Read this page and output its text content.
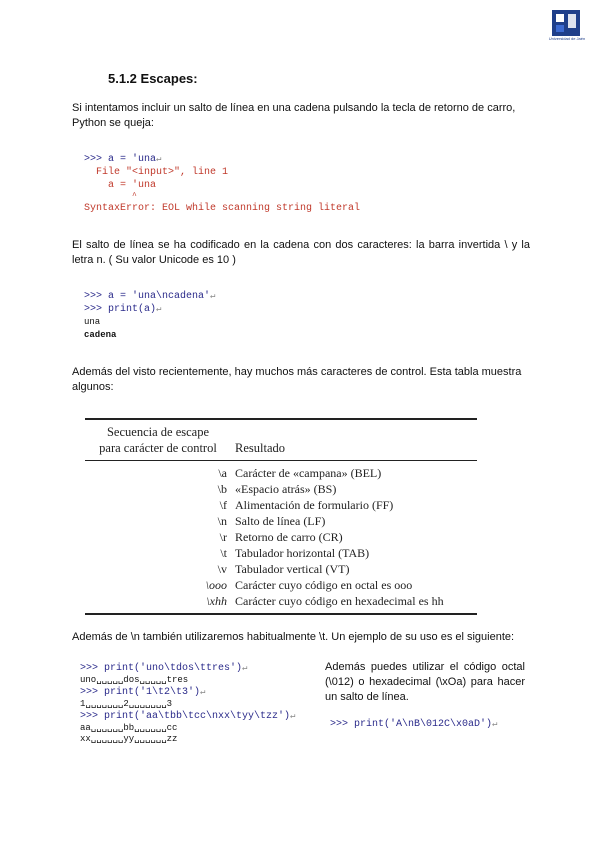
Universidad de Jaén
5.1.2 Escapes:
Si intentamos incluir un salto de línea en una cadena pulsando la tecla de retorno de carro, Python se queja:
>>> a = 'una↵
File "<input>", line 1
a = 'una
^
SyntaxError: EOL while scanning string literal
El salto de línea se ha codificado en la cadena con dos caracteres: la barra invertida \ y la letra n. ( Su valor Unicode es 10 )
>>> a = 'una\ncadena'↵
>>> print(a)↵
una
cadena
Además del visto recientemente, hay muchos más caracteres de control. Esta tabla muestra algunos:
Secuencia de escape
para carácter de control	Resultado
\a	Carácter de «campana» (BEL)
\b	«Espacio atrás» (BS)
\f	Alimentación de formulario (FF)
\n	Salto de línea (LF)
\r	Retorno de carro (CR)
\t	Tabulador horizontal (TAB)
\v	Tabulador vertical (VT)
\ooo	Carácter cuyo código en octal es ooo
\xhh	Carácter cuyo código en hexadecimal es hh
Además de \n también utilizaremos habitualmente \t. Un ejemplo de su uso es el siguiente:
>>> print('uno\tdos\ttres')↵
uno␣␣␣␣␣dos␣␣␣␣␣tres
>>> print('1\t2\t3')↵
1␣␣␣␣␣␣␣2␣␣␣␣␣␣␣3
>>> print('aa\tbb\tcc\nxx\tyy\tzz')↵
aa␣␣␣␣␣␣bb␣␣␣␣␣␣cc
xx␣␣␣␣␣␣yy␣␣␣␣␣␣zz
Además puedes utilizar el código octal (\012) o hexadecimal (\xOa) para hacer un salto de línea.
>>> print('A\nB\012C\x0aD')↵
